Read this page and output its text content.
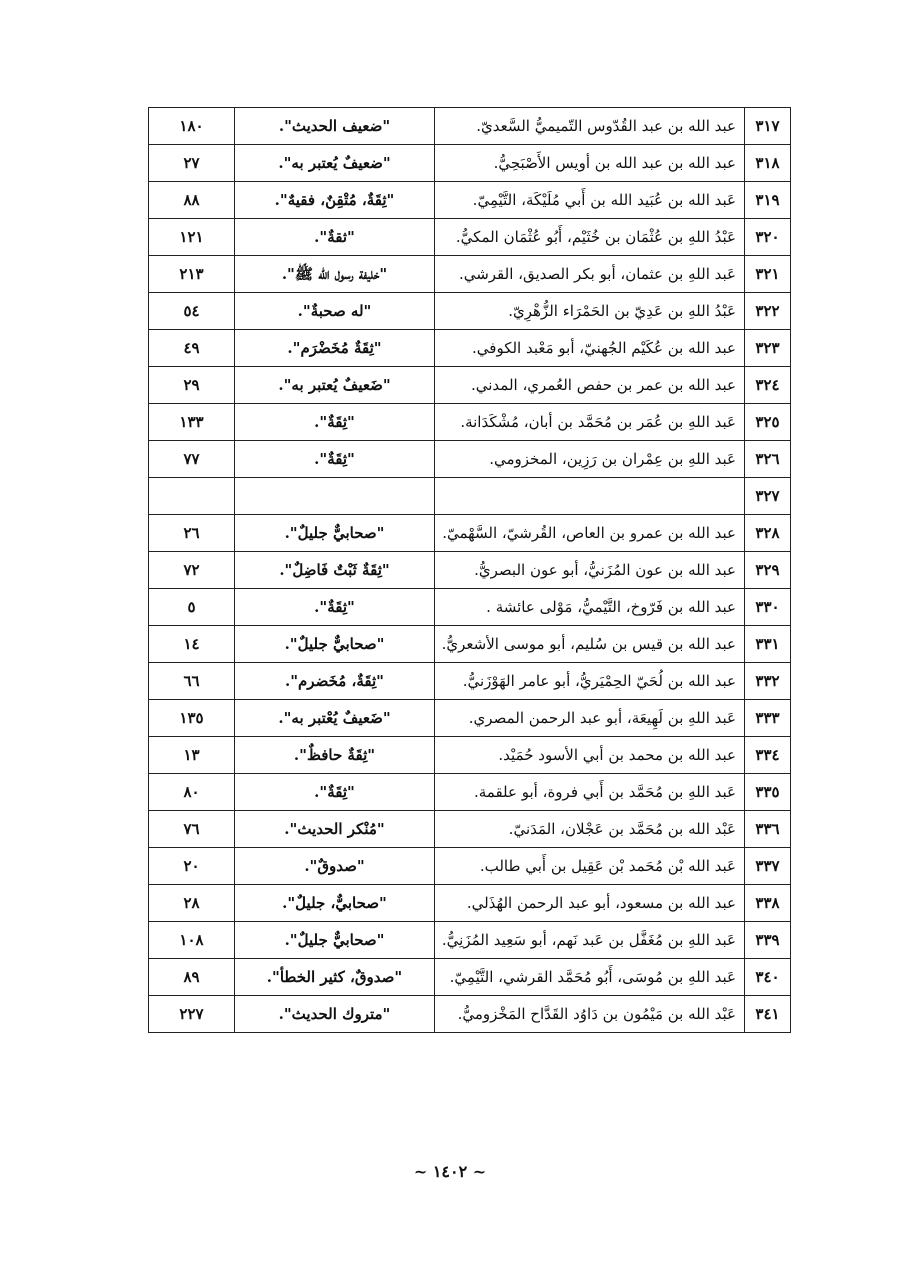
٣١٧	عبد الله بن عبد القُدّوس التّميميُّ السَّعديّ.	"ضعيف الحديث".	١٨٠
٣١٨	عبد الله بن عبد الله بن أويس الأَصْبَحِيُّ.	"ضعيفٌ يُعتبر به".	٢٧
٣١٩	عَبد الله بن عُبَيد الله بن أَبي مُلَيْكَة، التَّيْمِيّ.	"ثِقَةٌ، مُتْقِنٌ، فقيهٌ".	٨٨
٣٢٠	عَبْدُ اللهِ بن عُثْمَان بن خُثَيْم، أَبُو عُثْمَان المكيُّ.	"ثقةٌ".	١٢١
٣٢١	عَبد اللهِ بن عثمان، أبو بكر الصديق، القرشي.	"خليفة رسول الله ﷺ".	٢١٣
٣٢٢	عَبْدُ اللهِ بن عَدِيّ بن الحَمْرَاء الزُّهْرِيّ.	"له صحبةٌ".	٥٤
٣٢٣	عبد الله بن عُكَيْم الجُهنيّ، أبو مَعْبد الكوفي.	"ثِقَةٌ مُخَضْرَم".	٤٩
٣٢٤	عبد الله بن عمر بن حفص العُمري، المدني.	"ضَعيفٌ يُعتبر به".	٢٩
٣٢٥	عَبد اللهِ بن عُمَر بن مُحَمَّد بن أبان، مُشْكَدَانة.	"ثِقَةٌ".	١٣٣
٣٢٦	عَبد اللهِ بن عِمْران بن رَزِين، المخزومي.	"ثِقَةٌ".	٧٧
٣٢٧			
٣٢٨	عبد الله بن عمرو بن العاص، القُرشيّ، السَّهْميّ.	"صحابيٌّ جليلٌ".	٢٦
٣٢٩	عبد الله بن عون المُزَنيُّ، أبو عون البصريُّ.	"ثِقَةٌ ثَبْتٌ فَاضِلٌ".	٧٢
٣٣٠	عبد الله بن فَرّوخ، التَّيْميُّ، مَوْلى عائشة .	"ثِقَةٌ".	٥
٣٣١	عبد الله بن قيس بن سُليم، أبو موسى الأشعريُّ.	"صحابيٌّ جليلٌ".	١٤
٣٣٢	عبد الله بن لُحَيّ الحِمْيَريُّ، أبو عامر الهَوْزَنيُّ.	"ثِقَةٌ، مُخَضرم".	٦٦
٣٣٣	عَبد اللهِ بن لَهِيعَة، أبو عبد الرحمن المصري.	"ضَعيفٌ يُعْتبر به".	١٣٥
٣٣٤	عبد الله بن محمد بن أبي الأسود حُمَيْد.	"ثِقَةٌ حافظٌ".	١٣
٣٣٥	عَبد اللهِ بن مُحَمَّد بن أَبي فروة، أبو علقمة.	"ثِقَةٌ".	٨٠
٣٣٦	عَبْد الله بن مُحَمَّد بن عَجْلان، المَدَنيّ.	"مُنْكر الحديث".	٧٦
٣٣٧	عَبد الله بْن مُحَمد بْن عَقِيل بن أَبي طالب.	"صدوقٌ".	٢٠
٣٣٨	عبد الله بن مسعود، أبو عبد الرحمن الهُذَلي.	"صحابيٌّ، جليلٌ".	٢٨
٣٣٩	عَبد اللهِ بن مُغَفَّل بن عَبد نَهم، أبو سَعِيد المُزَنِيُّ.	"صحابيٌّ جليلٌ".	١٠٨
٣٤٠	عَبد اللهِ بن مُوسَى، أَبُو مُحَمَّد القرشي، التَّيْمِيّ.	"صدوقٌ، كثير الخطأ".	٨٩
٣٤١	عَبْد الله بن مَيْمُون بن دَاوُد القَدَّاح المَخْزوميُّ.	"متروك الحديث".	٢٢٧
~ ١٤٠٢ ~
